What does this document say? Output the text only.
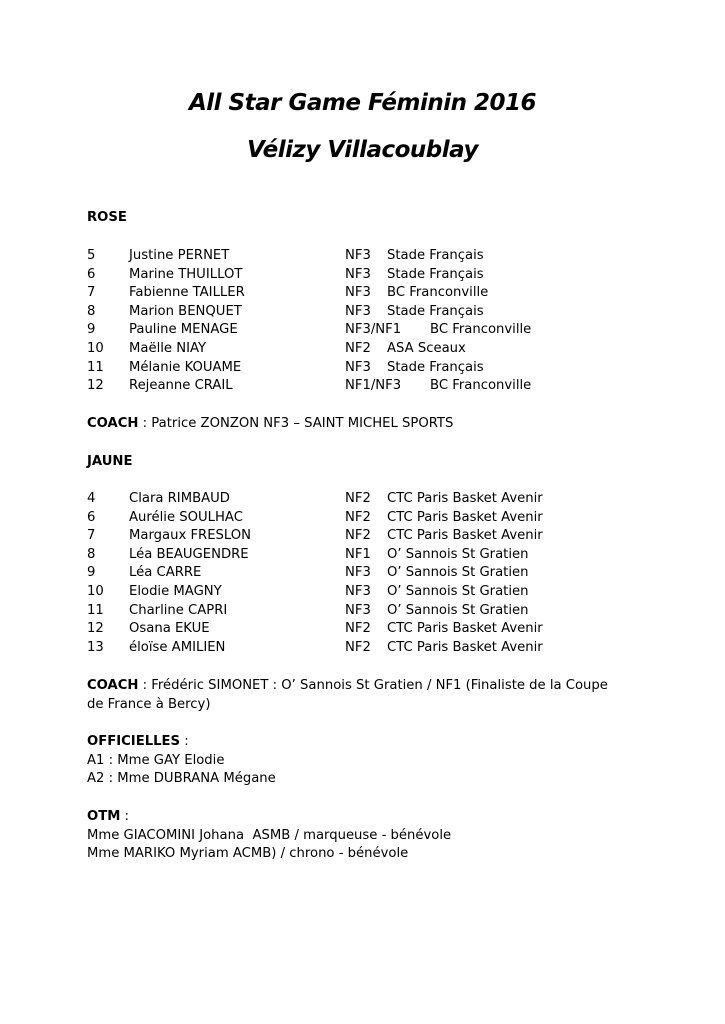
All Star Game Féminin 2016
Vélizy Villacoublay

ROSE

5	Justine PERNET	NF3 Stade Français
6	Marine THUILLOT	NF3 Stade Français
7	Fabienne TAILLER	NF3 BC Franconville
8	Marion BENQUET	NF3 Stade Français
9	Pauline MENAGE	NF3/NF1 BC Franconville
10 Maëlle NIAY	NF2 ASA Sceaux
11 Mélanie KOUAME	NF3 Stade Français
12 Rejeanne CRAIL	NF1/NF3 BC Franconville

COACH : Patrice ZONZON NF3 – SAINT MICHEL SPORTS

JAUNE

4	Clara RIMBAUD	NF2 CTC Paris Basket Avenir
6	Aurélie SOULHAC	NF2 CTC Paris Basket Avenir
7	Margaux FRESLON	NF2 CTC Paris Basket Avenir
8	Léa BEAUGENDRE	NF1 O’ Sannois St Gratien
9	Léa CARRE	NF3 O’ Sannois St Gratien
10 Elodie MAGNY	NF3 O’ Sannois St Gratien
11 Charline CAPRI	NF3 O’ Sannois St Gratien
12 Osana EKUE	NF2 CTC Paris Basket Avenir
13 éloïse AMILIEN	NF2 CTC Paris Basket Avenir
COACH : Frédéric SIMONET : O’ Sannois St Gratien / NF1 (Finaliste de la Coupe
de France à Bercy)
OFFICIELLES :
A1 : Mme GAY Elodie
A2 : Mme DUBRANA Mégane
OTM :
Mme GIACOMINI Johana  ASMB / marqueuse - bénévole
Mme MARIKO Myriam ACMB) / chrono - bénévole
